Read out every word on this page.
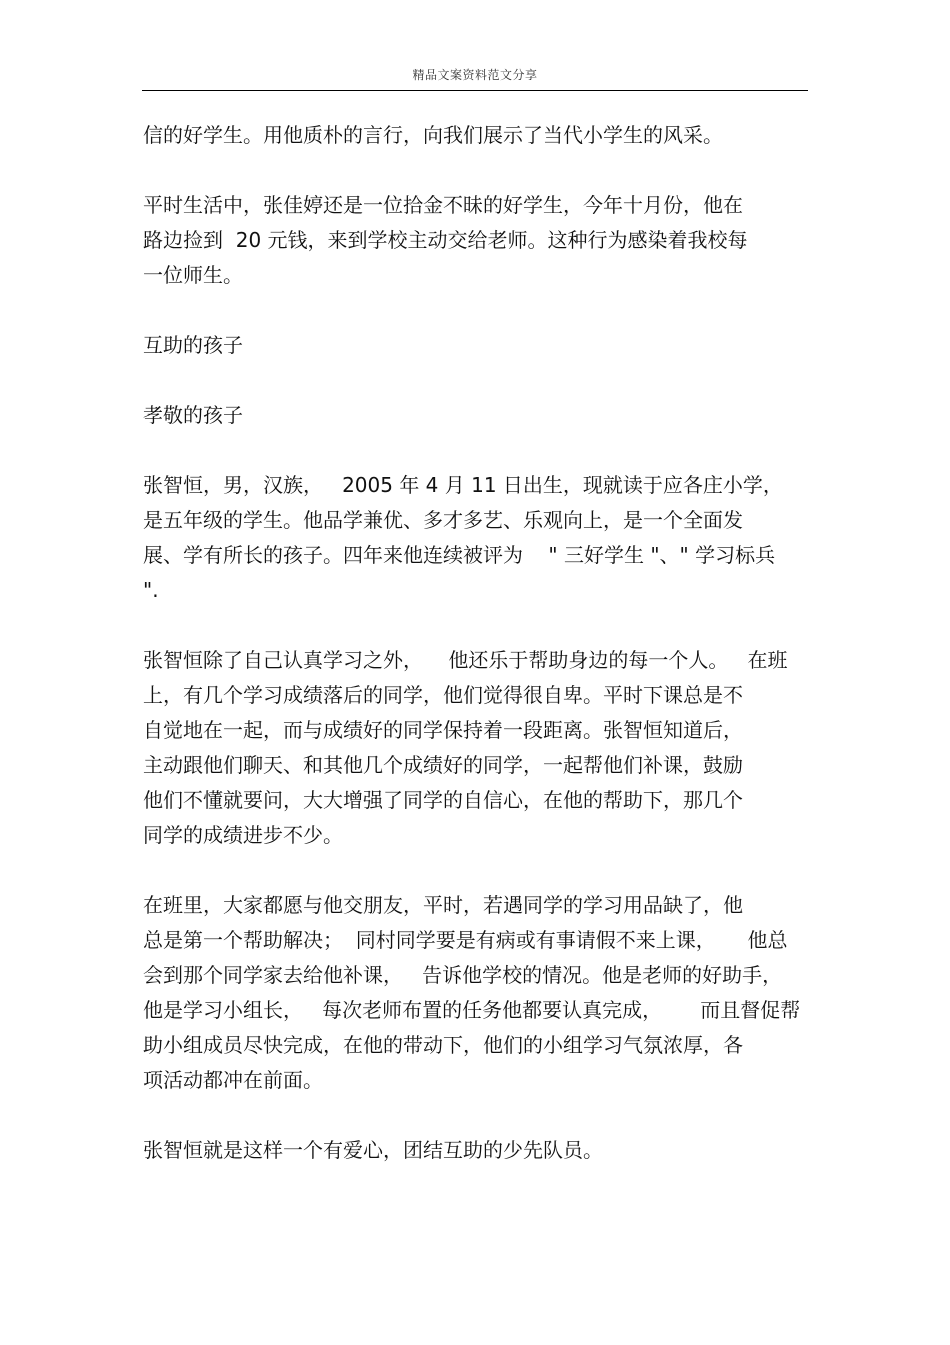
精品文案资料范文分享

信的好学生。用他质朴的言行，向我们展示了当代小学生的风采。

平时生活中，张佳婷还是一位拾金不昧的好学生，今年十月份，他在
路边捡到  20 元钱，来到学校主动交给老师。这种行为感染着我校每
一位师生。

互助的孩子

孝敬的孩子

张智恒，男，汉族，   2005 年 4 月 11 日出生，现就读于应各庄小学，
是五年级的学生。他品学兼优、多才多艺、乐观向上，是一个全面发
展、学有所长的孩子。四年来他连续被评为    " 三好学生 "、" 学习标兵
".

张智恒除了自己认真学习之外，    他还乐于帮助身边的每一个人。   在班
上，有几个学习成绩落后的同学，他们觉得很自卑。平时下课总是不
自觉地在一起，而与成绩好的同学保持着一段距离。张智恒知道后，
主动跟他们聊天、和其他几个成绩好的同学，一起帮他们补课，鼓励
他们不懂就要问，大大增强了同学的自信心，在他的帮助下，那几个
同学的成绩进步不少。

在班里，大家都愿与他交朋友，平时，若遇同学的学习用品缺了，他
总是第一个帮助解决；  同村同学要是有病或有事请假不来上课，     他总
会到那个同学家去给他补课，   告诉他学校的情况。他是老师的好助手，
他是学习小组长，   每次老师布置的任务他都要认真完成，      而且督促帮
助小组成员尽快完成，在他的带动下，他们的小组学习气氛浓厚，各
项活动都冲在前面。

张智恒就是这样一个有爱心，团结互助的少先队员。
